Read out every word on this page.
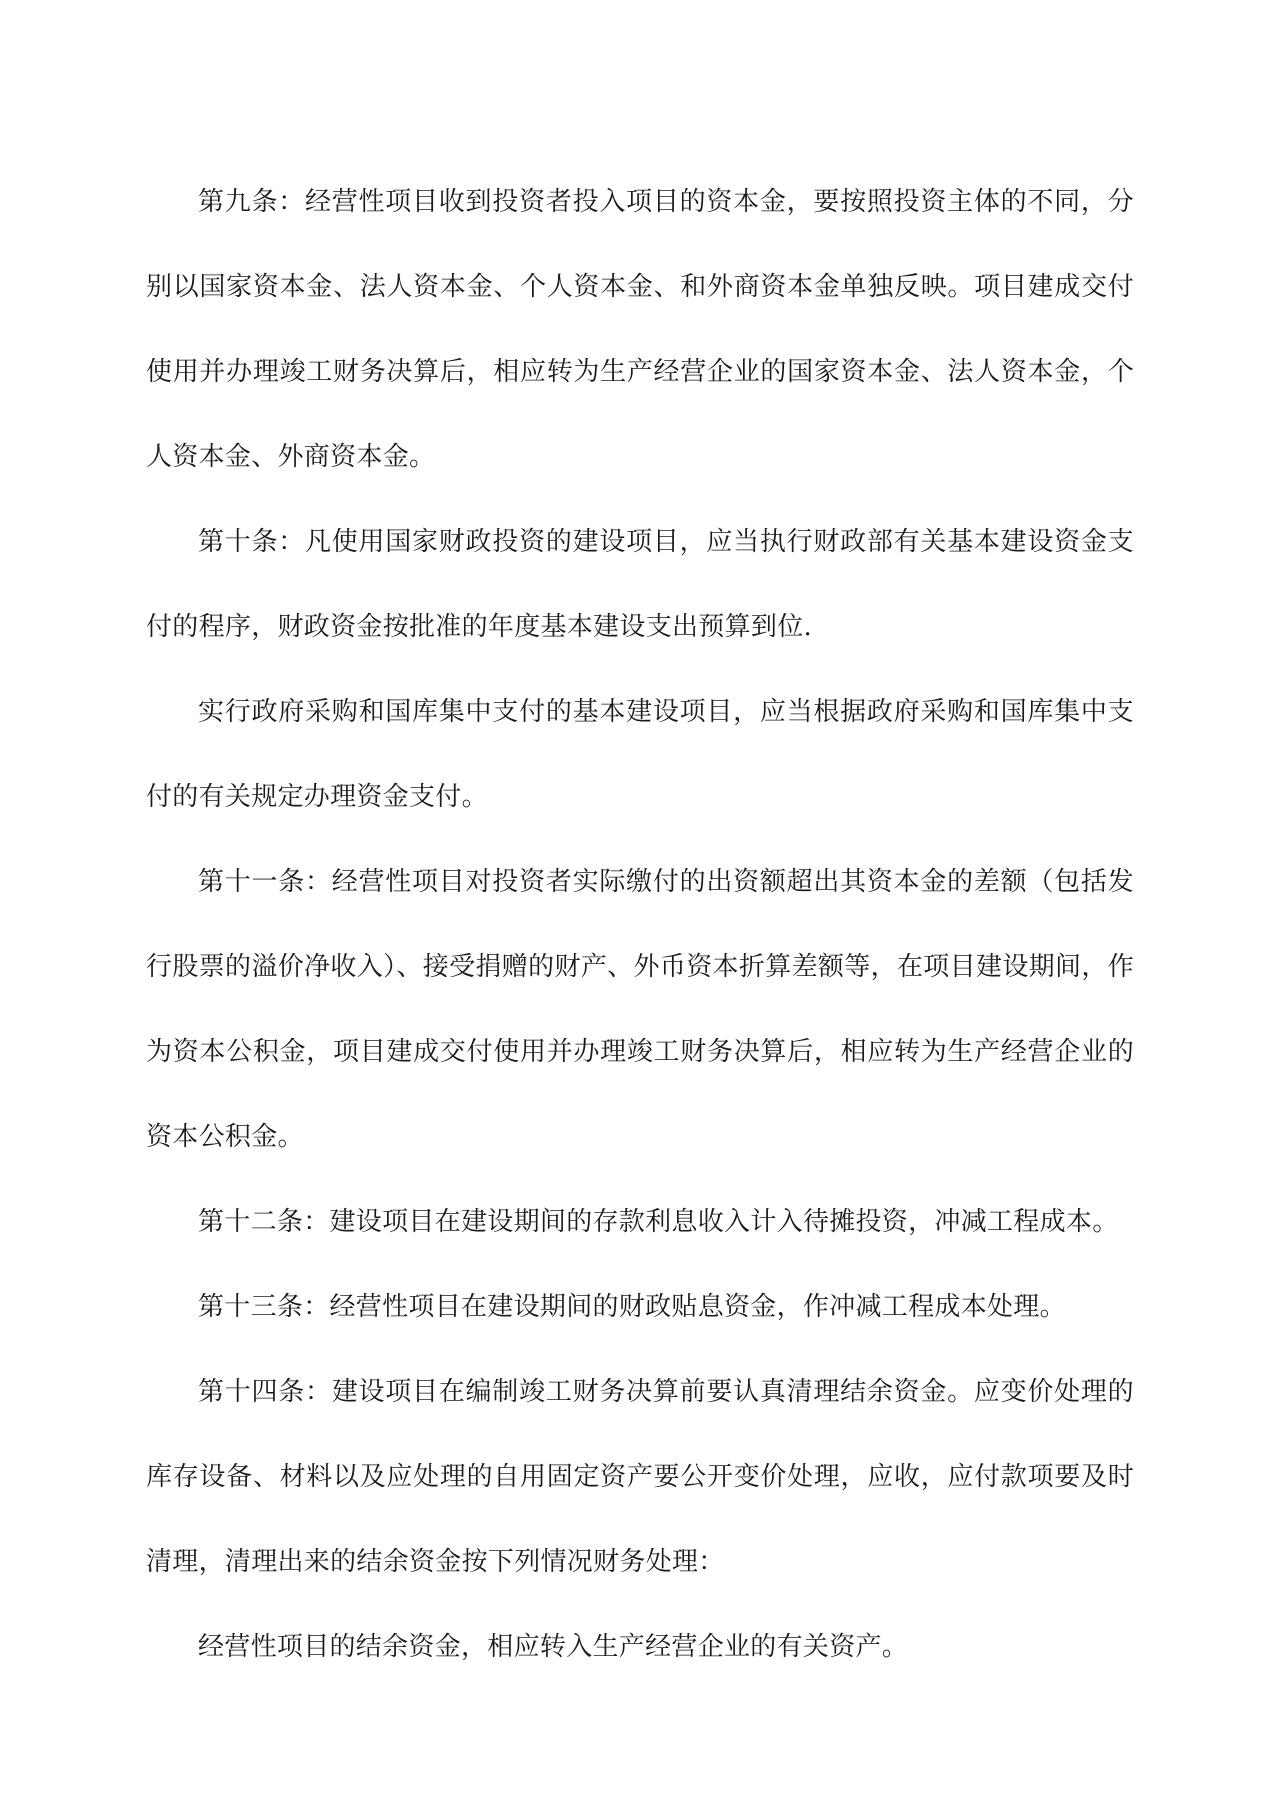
第九条：经营性项目收到投资者投入项目的资本金，要按照投资主体的不同，分别以国家资本金、法人资本金、个人资本金、和外商资本金单独反映。项目建成交付使用并办理竣工财务决算后，相应转为生产经营企业的国家资本金、法人资本金，个人资本金、外商资本金。

第十条：凡使用国家财政投资的建设项目，应当执行财政部有关基本建设资金支付的程序，财政资金按批准的年度基本建设支出预算到位.

实行政府采购和国库集中支付的基本建设项目，应当根据政府采购和国库集中支付的有关规定办理资金支付。

第十一条：经营性项目对投资者实际缴付的出资额超出其资本金的差额（包括发行股票的溢价净收入）、接受捐赠的财产、外币资本折算差额等，在项目建设期间，作为资本公积金，项目建成交付使用并办理竣工财务决算后，相应转为生产经营企业的资本公积金。

第十二条：建设项目在建设期间的存款利息收入计入待摊投资，冲减工程成本。

第十三条：经营性项目在建设期间的财政贴息资金，作冲减工程成本处理。

第十四条：建设项目在编制竣工财务决算前要认真清理结余资金。应变价处理的库存设备、材料以及应处理的自用固定资产要公开变价处理，应收，应付款项要及时清理，清理出来的结余资金按下列情况财务处理：

经营性项目的结余资金，相应转入生产经营企业的有关资产。
